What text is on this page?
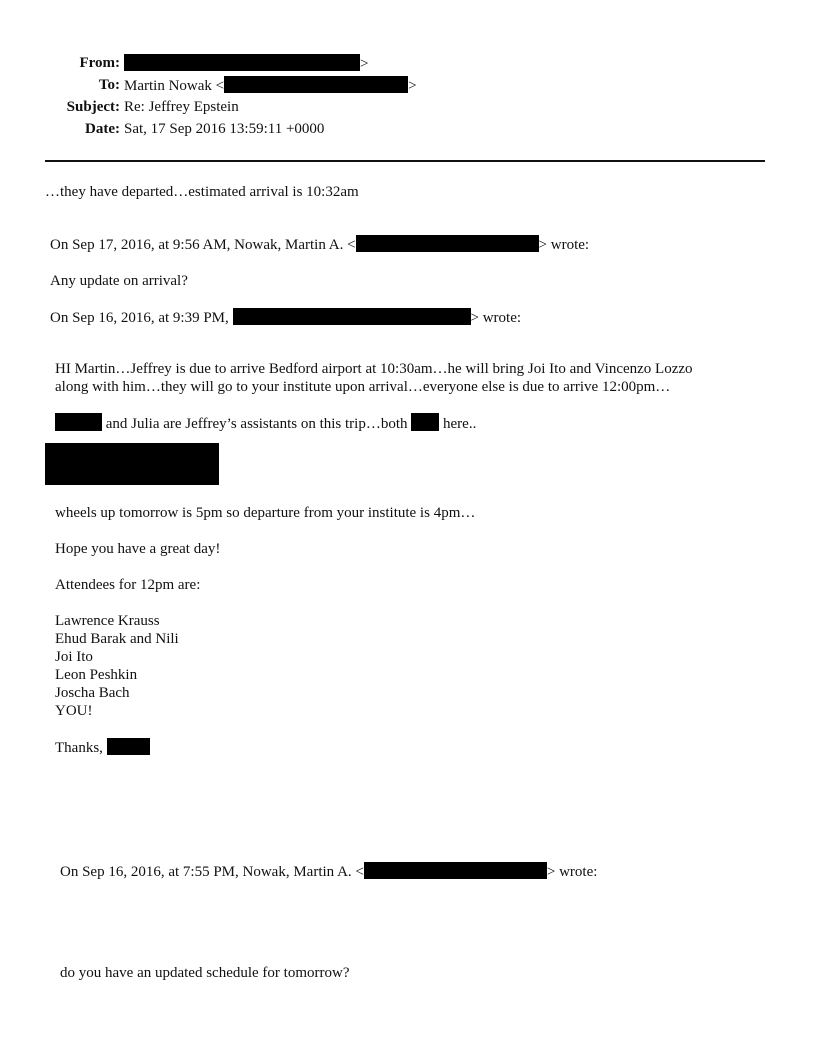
From:	>
To: Martin Nowak <	>
Subject: Re: Jeffrey Epstein
Date: Sat, 17 Sep 2016 13:59:11 +0000
…they have departed…estimated arrival is 10:32am
On Sep 17, 2016, at 9:56 AM, Nowak, Martin A. <	> wrote:
Any update on arrival?
On Sep 16, 2016, at 9:39 PM,	> wrote:
HI Martin…Jeffrey is due to arrive Bedford airport at 10:30am…he will bring Joi Ito and Vincenzo Lozzo
along with him…they will go to your institute upon arrival…everyone else is due to arrive 12:00pm…
and Julia are Jeffrey’s assistants on this trip…both here..
wheels up tomorrow is 5pm so departure from your institute is 4pm…
Hope you have a great day!
Attendees for 12pm are:
Lawrence Krauss
Ehud Barak and Nili
Joi Ito
Leon Peshkin
Joscha Bach
YOU!
Thanks,
On Sep 16, 2016, at 7:55 PM, Nowak, Martin A. <	> wrote:
do you have an updated schedule for tomorrow?
